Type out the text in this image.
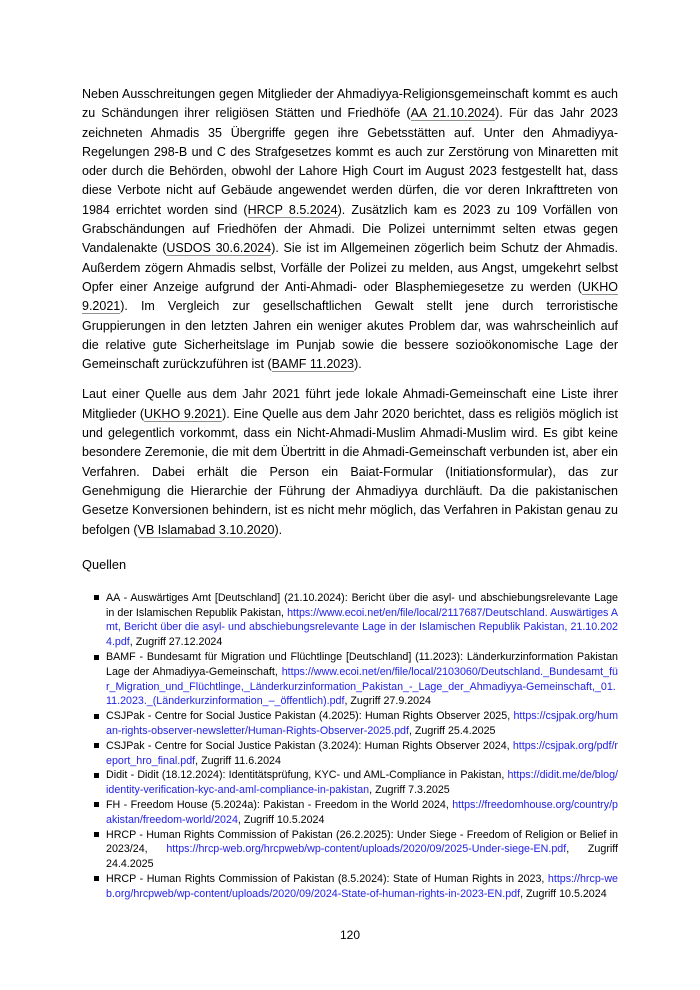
Neben Ausschreitungen gegen Mitglieder der Ahmadiyya-Religionsgemeinschaft kommt es auch zu Schändungen ihrer religiösen Stätten und Friedhöfe (AA 21.10.2024). Für das Jahr 2023 zeichneten Ahmadis 35 Übergriffe gegen ihre Gebetsstätten auf. Unter den Ahmadiyya-Regelungen 298-B und C des Strafgesetzes kommt es auch zur Zerstörung von Minaretten mit oder durch die Behörden, obwohl der Lahore High Court im August 2023 festgestellt hat, dass diese Verbote nicht auf Gebäude angewendet werden dürfen, die vor deren Inkrafttreten von 1984 errichtet worden sind (HRCP 8.5.2024). Zusätzlich kam es 2023 zu 109 Vorfällen von Grabschändungen auf Friedhöfen der Ahmadi. Die Polizei unternimmt selten etwas gegen Vandalenakte (USDOS 30.6.2024). Sie ist im Allgemeinen zögerlich beim Schutz der Ahmadis. Außerdem zögern Ahmadis selbst, Vorfälle der Polizei zu melden, aus Angst, umgekehrt selbst Opfer einer Anzeige aufgrund der Anti-Ahmadi- oder Blasphemiegesetze zu werden (UKHO 9.2021). Im Vergleich zur gesellschaftlichen Gewalt stellt jene durch terroristische Gruppierungen in den letzten Jahren ein weniger akutes Problem dar, was wahrscheinlich auf die relative gute Sicherheitslage im Punjab sowie die bessere sozioökonomische Lage der Gemeinschaft zurückzuführen ist (BAMF 11.2023).

Laut einer Quelle aus dem Jahr 2021 führt jede lokale Ahmadi-Gemeinschaft eine Liste ihrer Mitglieder (UKHO 9.2021). Eine Quelle aus dem Jahr 2020 berichtet, dass es religiös möglich ist und gelegentlich vorkommt, dass ein Nicht-Ahmadi-Muslim Ahmadi-Muslim wird. Es gibt keine besondere Zeremonie, die mit dem Übertritt in die Ahmadi-Gemeinschaft verbunden ist, aber ein Verfahren. Dabei erhält die Person ein Baiat-Formular (Initiationsformular), das zur Genehmigung die Hierarchie der Führung der Ahmadiyya durchläuft. Da die pakistanischen Gesetze Konversionen behindern, ist es nicht mehr möglich, das Verfahren in Pakistan genau zu befolgen (VB Islamabad 3.10.2020).

Quellen
AA - Auswärtiges Amt [Deutschland] (21.10.2024): Bericht über die asyl- und abschiebungsrelevante Lage in der Islamischen Republik Pakistan, https://www.ecoi.net/en/file/local/2117687/Deutschland. Auswärtiges Amt, Bericht über die asyl- und abschiebungsrelevante Lage in der Islamischen Republik Pakistan, 21.10.2024.pdf, Zugriff 27.12.2024
BAMF - Bundesamt für Migration und Flüchtlinge [Deutschland] (11.2023): Länderkurzinformation Pakistan Lage der Ahmadiyya-Gemeinschaft, https://www.ecoi.net/en/file/local/2103060/Deutschland._Bundesamt_für_Migration_und_Flüchtlinge,_Länderkurzinformation_Pakistan_-_Lage_der_Ahmadiyya-Gemeinschaft,_01.11.2023._(Länderkurzinformation_–_öffentlich).pdf, Zugriff 27.9.2024
CSJPak - Centre for Social Justice Pakistan (4.2025): Human Rights Observer 2025, https://csjpak.org/human-rights-observer-newsletter/Human-Rights-Observer-2025.pdf, Zugriff 25.4.2025
CSJPak - Centre for Social Justice Pakistan (3.2024): Human Rights Observer 2024, https://csjpak.org/pdf/report_hro_final.pdf, Zugriff 11.6.2024
Didit - Didit (18.12.2024): Identitätsprüfung, KYC- und AML-Compliance in Pakistan, https://didit.me/de/blog/identity-verification-kyc-and-aml-compliance-in-pakistan, Zugriff 7.3.2025
FH - Freedom House (5.2024a): Pakistan - Freedom in the World 2024, https://freedomhouse.org/country/pakistan/freedom-world/2024, Zugriff 10.5.2024
HRCP - Human Rights Commission of Pakistan (26.2.2025): Under Siege - Freedom of Religion or Belief in 2023/24, https://hrcp-web.org/hrcpweb/wp-content/uploads/2020/09/2025-Under-siege-EN.pdf, Zugriff 24.4.2025
HRCP - Human Rights Commission of Pakistan (8.5.2024): State of Human Rights in 2023, https://hrcp-web.org/hrcpweb/wp-content/uploads/2020/09/2024-State-of-human-rights-in-2023-EN.pdf, Zugriff 10.5.2024
120
